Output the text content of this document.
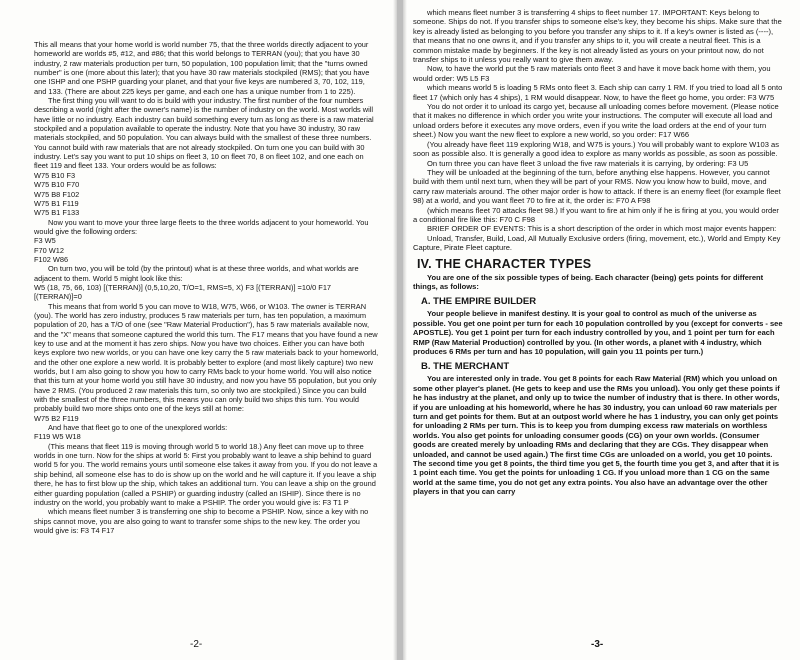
This all means that your home world is world number 75, that the three worlds directly adjacent to your homeworld are worlds #5, #12, and #86; that this world belongs to TERRAN (you); that you have 30 industry, 2 raw materials production per turn, 50 population, 100 population limit; that the "turns owned number" is one (more about this later); that you have 30 raw materials stockpiled (RMS); that you have one ISHP and one PSHP guarding your planet, and that your five keys are numbered 3, 70, 102, 119, and 133. (There are about 225 keys per game, and each one has a unique number from 1 to 225).

The first thing you will want to do is build with your industry. The first number of the four numbers describing a world (right after the owner's name) is the number of industry on the world. Most worlds will have little or no industry. Each industry can build something every turn as long as there is a raw material stockpiled and a population available to operate the industry. Note that you have 30 industry, 30 raw materials stockpiled, and 50 population. You can always build with the smallest of these three numbers. You cannot build with raw materials that are not already stockpiled. On turn one you can build with 30 industry. Let's say you want to put 10 ships on fleet 3, 10 on fleet 70, 8 on fleet 102, and one each on fleet 119 and fleet 133. Your orders would be as follows:

W75 B10 F3

W75 B10 F70

W75 B8 F102

W75 B1 F119

W75 B1 F133

Now you want to move your three large fleets to the three worlds adjacent to your homeworld. You would give the following orders:

F3 W5

F70 W12

F102 W86

On turn two, you will be told (by the printout) what is at these three worlds, and what worlds are adjacent to them. World 5 might look like this:

W5 (18, 75, 66, 103) [(TERRAN)] (0,5,10,20, T/O=1, RMS=5, X) F3 [(TERRAN)] =10/0 F17 [(TERRAN)]=0

This means that from world 5 you can move to W18, W75, W66, or W103. The owner is TERRAN (you). The world has zero industry, produces 5 raw materials per turn, has ten population, a maximum population of 20, has a T/O of one (see "Raw Material Production"), has 5 raw materials available now, and the "X" means that someone captured the world this turn. The F17 means that you have found a new key to use and at the moment it has zero ships. Now you have two choices. Either you can have both keys explore two new worlds, or you can have one key carry the 5 raw materials back to your homeworld, and the other one explore a new world. It is probably better to explore (and most likely capture) two new worlds, but I am also going to show you how to carry RMs back to your home world. You will also notice that this turn at your home world you still have 30 industry, and now you have 55 population, but you only have 2 RMS. (You produced 2 raw materials this turn, so only two are stockpiled.) Since you can build with the smallest of the three numbers, this means you can only build two ships this turn. You would probably build two more ships onto one of the keys still at home:

W75 B2 F119

And have that fleet go to one of the unexplored worlds:

F119 W5 W18

(This means that fleet 119 is moving through world 5 to world 18.) Any fleet can move up to three worlds in one turn. Now for the ships at world 5: First you probably want to leave a ship behind to guard world 5 for you. The world remains yours until someone else takes it away from you. If you do not leave a ship behind, all someone else has to do is show up on the world and he will capture it. If you leave a ship there, he has to first blow up the ship, which takes an additional turn. You can leave a ship on the ground either guarding population (called a PSHIP) or guarding industry (called an ISHIP). Since there is no industry on the world, you probably want to make a PSHIP. The order you would give is: F3 T1 P

which means fleet number 3 is transferring one ship to become a PSHIP. Now, since a key with no ships cannot move, you are also going to want to transfer some ships to the new key. The order you would give is: F3 T4 F17

-2-

which means fleet number 3 is transferring 4 ships to fleet number 17. IMPORTANT: Keys belong to someone. Ships do not. If you transfer ships to someone else's key, they become his ships. Make sure that the key is already listed as belonging to you before you transfer any ships to it. If a key's owner is listed as (----), that means that no one owns it, and if you transfer any ships to it, you will create a neutral fleet. This is a common mistake made by beginners. If the key is not already listed as yours on your printout now, do not transfer ships to it unless you really want to give them away.

Now, to have the world put the 5 raw materials onto fleet 3 and have it move back home with them, you would order: W5 L5 F3

which means world 5 is loading 5 RMs onto fleet 3. Each ship can carry 1 RM. If you tried to load all 5 onto fleet 17 (which only has 4 ships), 1 RM would disappear. Now, to have the fleet go home, you order: F3 W75

You do not order it to unload its cargo yet, because all unloading comes before movement. (Please notice that it makes no difference in which order you write your instructions. The computer will execute all load and unload orders before it executes any move orders, even if you write the load orders at the end of your turn sheet.) Now you want the new fleet to explore a new world, so you order: F17 W66

(You already have fleet 119 exploring W18, and W75 is yours.) You will probably want to explore W103 as soon as possible also. It is generally a good idea to explore as many worlds as possible, as soon as possible.

On turn three you can have fleet 3 unload the five raw materials it is carrying, by ordering: F3 U5

They will be unloaded at the beginning of the turn, before anything else happens. However, you cannot build with them until next turn, when they will be part of your RMS. Now you know how to build, move, and carry raw materials around. The other major order is how to attack. If there is an enemy fleet (for example fleet 98) at a world, and you want fleet 70 to fire at it, the order is: F70 A F98

(which means fleet 70 attacks fleet 98.) If you want to fire at him only if he is firing at you, you would order a conditional fire like this: F70 C F98

BRIEF ORDER OF EVENTS: This is a short description of the order in which most major events happen:

Unload, Transfer, Build, Load, All Mutually Exclusive orders (firing, movement, etc.), World and Empty Key Capture, Pirate Fleet capture.

IV. THE CHARACTER TYPES

You are one of the six possible types of being. Each character (being) gets points for different things, as follows:

A. THE EMPIRE BUILDER

Your people believe in manifest destiny. It is your goal to control as much of the universe as possible. You get one point per turn for each 10 population controlled by you (except for converts - see APOSTLE). You get 1 point per turn for each industry controlled by you, and 1 point per turn for each RMP (Raw Material Production) controlled by you. (In other words, a planet with 4 industry, which produces 6 RMs per turn and has 10 population, will gain you 11 points per turn.)

B. THE MERCHANT

You are interested only in trade. You get 8 points for each Raw Material (RM) which you unload on some other player's planet. (He gets to keep and use the RMs you unload). You only get these points if he has industry at the planet, and only up to twice the number of industry that is there. In other words, if you are unloading at his homeworld, where he has 30 industry, you can unload 60 raw materials per turn and get points for them. But at an outpost world where he has 1 industry, you can only get points for unloading 2 RMs per turn. This is to keep you from dumping excess raw materials on worthless worlds. You also get points for unloading consumer goods (CG) on your own worlds. (Consumer goods are created merely by unloading RMs and declaring that they are CGs. They disappear when unloaded, and cannot be used again.) The first time CGs are unloaded on a world, you get 10 points. The second time you get 8 points, the third time you get 5, the fourth time you get 3, and after that it is 1 point each time. You get the points for unloading 1 CG. If you unload more than 1 CG on the same world at the same time, you do not get any extra points. You also have an advantage over the other players in that you can carry

-3-
